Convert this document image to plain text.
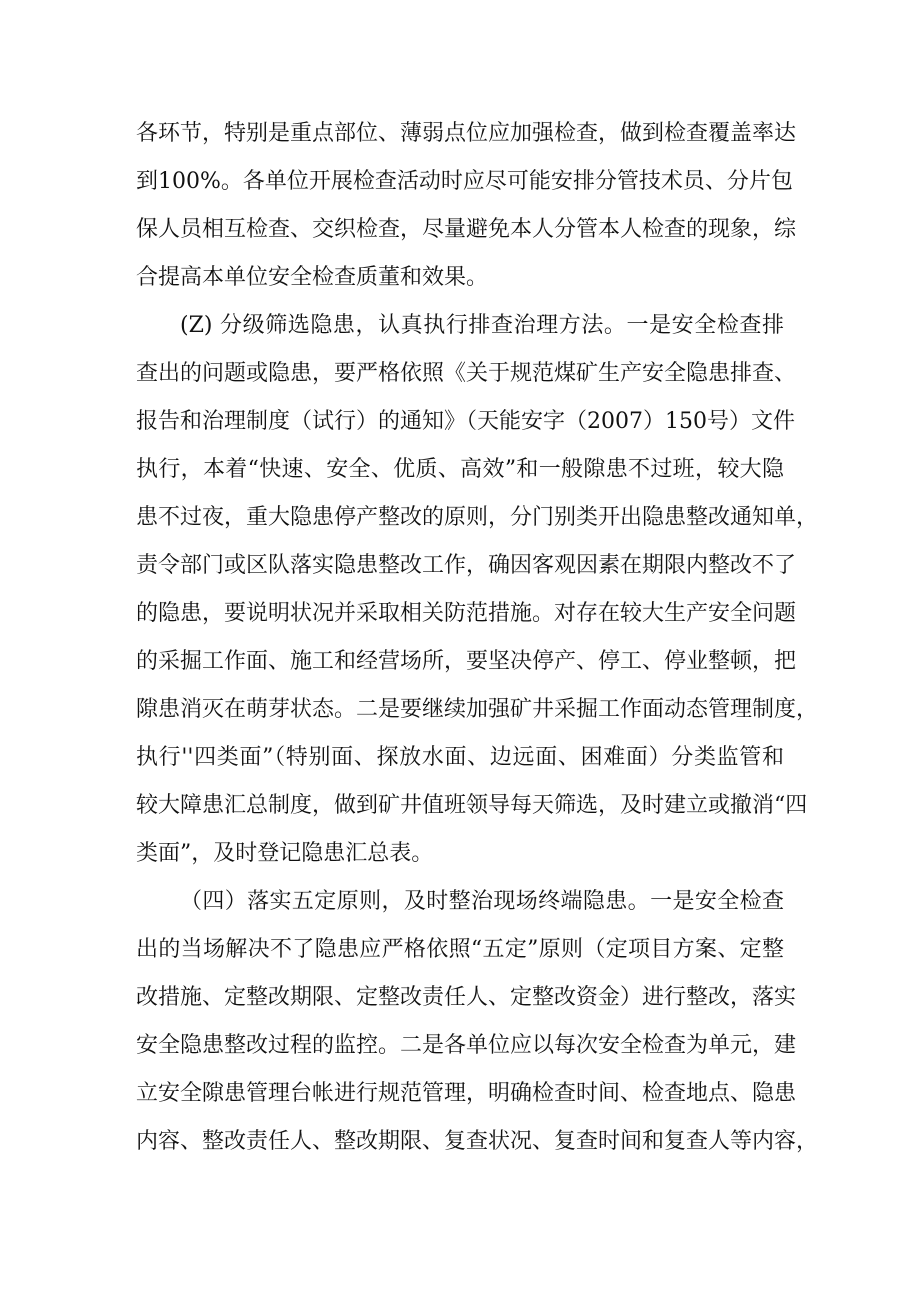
各环节，特别是重点部位、薄弱点位应加强检查，做到检查覆盖率达
到100%。各单位开展检查活动时应尽可能安排分管技术员、分片包
保人员相互检查、交织检查，尽量避免本人分管本人检查的现象，综
合提高本单位安全检查质董和效果。
(Z) 分级筛选隐患，认真执行排查治理方法。一是安全检查排
查出的问题或隐患，要严格依照《关于规范煤矿生产安全隐患排查、
报告和治理制度（试行）的通知》（天能安字（2007）150号）文件
执行，本着“快速、安全、优质、高效”和一般隙患不过班，较大隐
患不过夜，重大隐患停产整改的原则，分门别类开出隐患整改通知单，
责令部门或区队落实隐患整改工作，确因客观因素在期限内整改不了
的隐患，要说明状况并采取相关防范措施。对存在较大生产安全问题
的采掘工作面、施工和经营场所，要坚决停产、停工、停业整顿，把
隙患消灭在萌芽状态。二是要继续加强矿井采掘工作面动态管理制度，
执行''四类面”（特别面、探放水面、边远面、困难面）分类监管和
较大障患汇总制度，做到矿井值班领导每天筛选，及时建立或撤消“四
类面”，及时登记隐患汇总表。
（四）落实五定原则，及时整治现场终端隐患。一是安全检查
出的当场解决不了隐患应严格依照“五定”原则（定项目方案、定整
改措施、定整改期限、定整改责任人、定整改资金）进行整改，落实
安全隐患整改过程的监控。二是各单位应以每次安全检查为单元，建
立安全隙患管理台帐进行规范管理，明确检查时间、检查地点、隐患
内容、整改责任人、整改期限、复查状况、复查时间和复查人等内容，
